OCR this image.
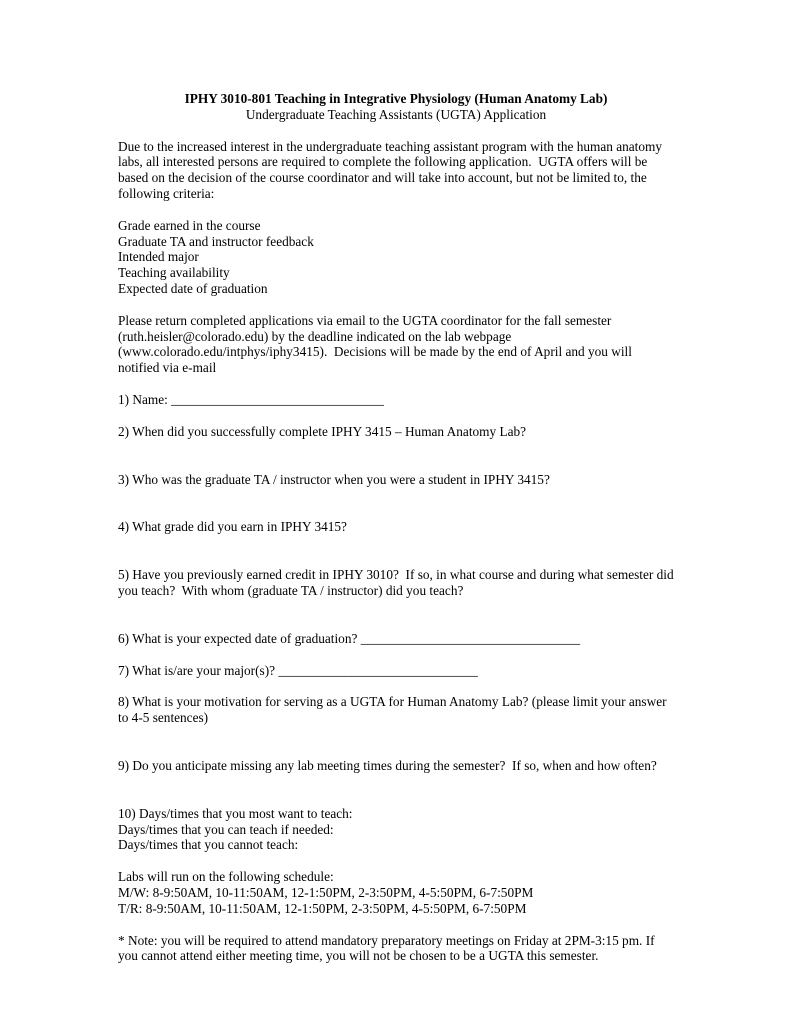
IPHY 3010-801 Teaching in Integrative Physiology (Human Anatomy Lab)
Undergraduate Teaching Assistants (UGTA) Application
Due to the increased interest in the undergraduate teaching assistant program with the human anatomy labs, all interested persons are required to complete the following application.  UGTA offers will be based on the decision of the course coordinator and will take into account, but not be limited to, the following criteria:
Grade earned in the course
Graduate TA and instructor feedback
Intended major
Teaching availability
Expected date of graduation
Please return completed applications via email to the UGTA coordinator for the fall semester (ruth.heisler@colorado.edu) by the deadline indicated on the lab webpage (www.colorado.edu/intphys/iphy3415).  Decisions will be made by the end of April and you will notified via e-mail
1) Name: ________________________________
2) When did you successfully complete IPHY 3415 – Human Anatomy Lab?
3) Who was the graduate TA / instructor when you were a student in IPHY 3415?
4) What grade did you earn in IPHY 3415?
5) Have you previously earned credit in IPHY 3010?  If so, in what course and during what semester did you teach?  With whom (graduate TA / instructor) did you teach?
6) What is your expected date of graduation? _________________________________
7) What is/are your major(s)? ______________________________
8) What is your motivation for serving as a UGTA for Human Anatomy Lab? (please limit your answer to 4-5 sentences)
9) Do you anticipate missing any lab meeting times during the semester?  If so, when and how often?
10) Days/times that you most want to teach:
Days/times that you can teach if needed:
Days/times that you cannot teach:
Labs will run on the following schedule:
M/W: 8-9:50AM, 10-11:50AM, 12-1:50PM, 2-3:50PM, 4-5:50PM, 6-7:50PM
T/R: 8-9:50AM, 10-11:50AM, 12-1:50PM, 2-3:50PM, 4-5:50PM, 6-7:50PM
* Note: you will be required to attend mandatory preparatory meetings on Friday at 2PM-3:15 pm. If you cannot attend either meeting time, you will not be chosen to be a UGTA this semester.
